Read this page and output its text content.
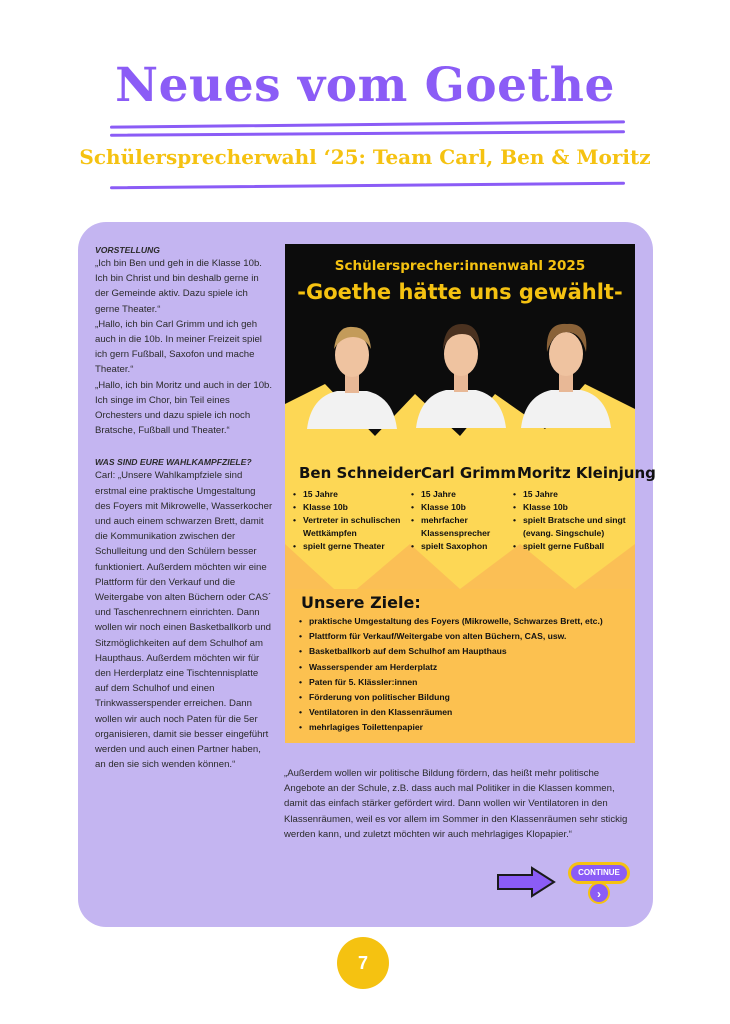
Neues vom Goethe
Schülersprecherwahl ‘25: Team Carl, Ben & Moritz
VORSTELLUNG

„Ich bin Ben und geh in die Klasse 10b. Ich bin Christ und bin deshalb gerne in der Gemeinde aktiv. Dazu spiele ich gerne Theater.“

„Hallo, ich bin Carl Grimm und ich geh auch in die 10b. In meiner Freizeit spiel ich gern Fußball, Saxofon und mache Theater.“

„Hallo, ich bin Moritz und auch in der 10b. Ich singe im Chor, bin Teil eines Orchesters und dazu spiele ich noch Bratsche, Fußball und Theater.“

WAS SIND EURE WAHLKAMPFZIELE?

Carl: „Unsere Wahlkampfziele sind erstmal eine praktische Umgestaltung des Foyers mit Mikrowelle, Wasserkocher und auch einem schwarzen Brett, damit die Kommunikation zwischen der Schulleitung und den Schülern besser funktioniert. Außerdem möchten wir eine Plattform für den Verkauf und die Weitergabe von alten Büchern oder CAS´ und Taschenrechnern einrichten. Dann wollen wir noch einen Basketballkorb und Sitzmöglichkeiten auf dem Schulhof am Haupthaus. Außerdem möchten wir für den Herderplatz eine Tischtennisplatte auf dem Schulhof und einen Trinkwasserspender erreichen. Dann wollen wir auch noch Paten für die 5er organisieren, damit sie besser eingeführt werden und auch einen Partner haben, an den sie sich wenden können.“

Schülersprecher:innenwahl 2025
-Goethe hätte uns gewählt-
Ben Schneider Carl Grimm Moritz Kleinjung
• 15 Jahre
• Klasse 10b
• Vertreter in schulischen Wettkämpfen
• spielt gerne Theater
• 15 Jahre
• Klasse 10b
• mehrfacher Klassensprecher
• spielt Saxophon
• 15 Jahre
• Klasse 10b
• spielt Bratsche und singt (evang. Singschule)
• spielt gerne Fußball
Unsere Ziele:
• praktische Umgestaltung des Foyers (Mikrowelle, Schwarzes Brett, etc.)
• Plattform für Verkauf/Weitergabe von alten Büchern, CAS, usw.
• Basketballkorb auf dem Schulhof am Haupthaus
• Wasserspender am Herderplatz
• Paten für 5. Klässler:innen
• Förderung von politischer Bildung
• Ventilatoren in den Klassenräumen
• mehrlagiges Toilettenpapier
„Außerdem wollen wir politische Bildung fördern, das heißt mehr politische Angebote an der Schule, z.B. dass auch mal Politiker in die Klassen kommen, damit das einfach stärker gefördert wird. Dann wollen wir Ventilatoren in den Klassenräumen, weil es vor allem im Sommer in den Klassenräumen sehr stickig werden kann, und zuletzt möchten wir auch mehrlagiges Klopapier.“
CONTINUE
›
7
